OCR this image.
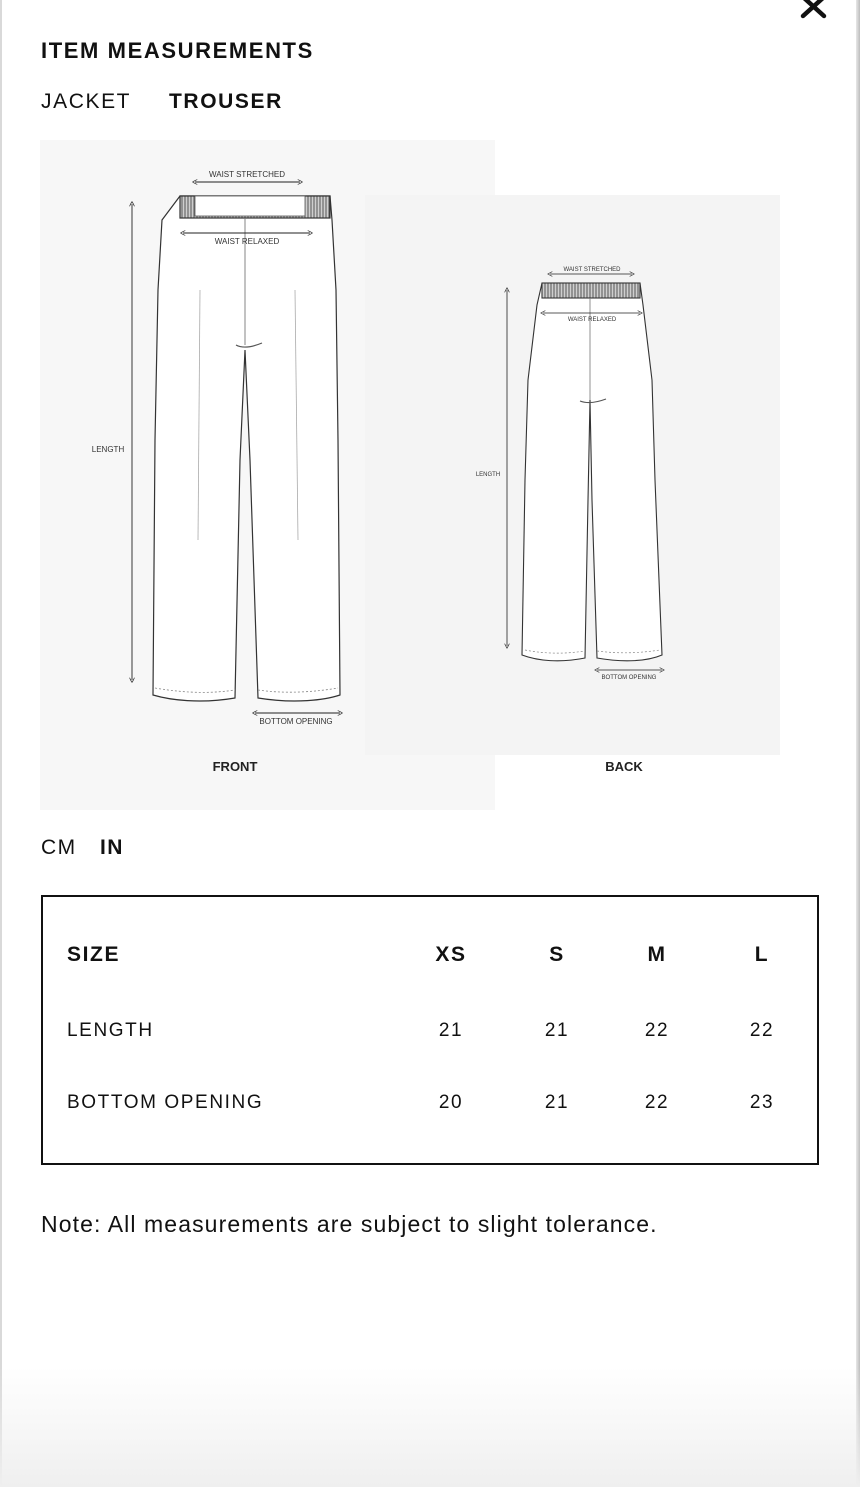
ITEM MEASUREMENTS
JACKET TROUSER
WAIST STRETCHED
WAIST RELAXED
LENGTH
BOTTOM OPENING
FRONT
WAIST STRETCHED
WAIST RELAXED
LENGTH
BOTTOM OPENING
BACK
CM IN
SIZE	XS	S	M	L
LENGTH	21	21	22	22
BOTTOM OPENING	20	21	22	23
Note: All measurements are subject to slight tolerance.
